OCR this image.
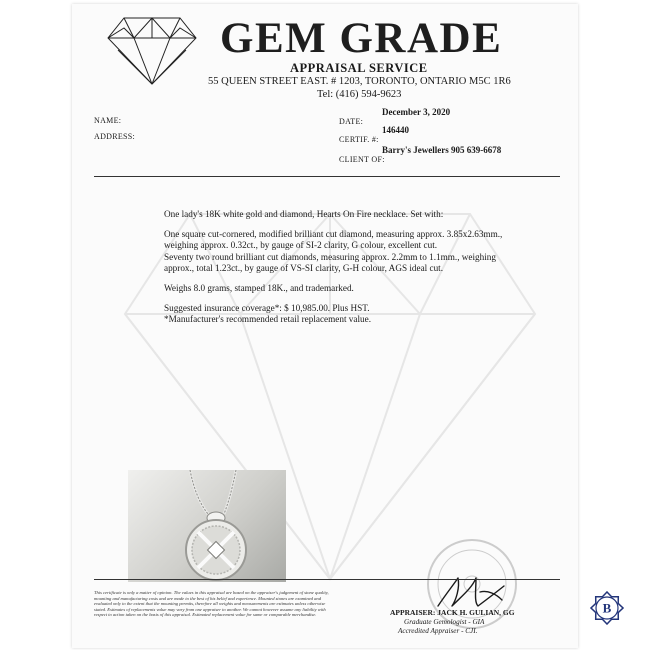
GEM GRADE
APPRAISAL SERVICE
55 QUEEN STREET EAST. # 1203, TORONTO, ONTARIO M5C 1R6
Tel: (416) 594-9623
NAME:
ADDRESS:
December 3, 2020
DATE:
146440
CERTIF. #:
Barry's Jewellers 905 639-6678
CLIENT OF:

One lady's 18K white gold and diamond, Hearts On Fire necklace. Set with:

One square cut-cornered, modified brilliant cut diamond, measuring approx. 3.85x2.63mm., weighing approx. 0.32ct., by gauge of SI-2 clarity, G colour, excellent cut.

Seventy two round brilliant cut diamonds, measuring approx. 2.2mm to 1.1mm., weighing approx., total 1.23ct., by gauge of VS-SI clarity, G-H colour, AGS ideal cut.

Weighs 8.0 grams, stamped 18K., and trademarked.

Suggested insurance coverage*: $ 10,985.00. Plus HST.

*Manufacturer's recommended retail replacement value.

This certificate is only a matter of opinion. The values in this appraisal are based on the appraiser's judgement of stone quality, mounting and manufacturing costs and are made to the best of his belief and experience. Mounted stones are examined and evaluated only to the extent that the mounting permits, therefore all weights and measurements are estimates unless otherwise stated. Estimates of replacements value may vary from one appraiser to another. We cannot however assume any liability with respect to action taken on the basis of this appraisal. Estimated replacement value for same or comparable merchandise.	APPRAISER: JACK H. GULIAN, GG
Graduate Gemologist - GIA
Accredited Appraiser - CJI.
B
